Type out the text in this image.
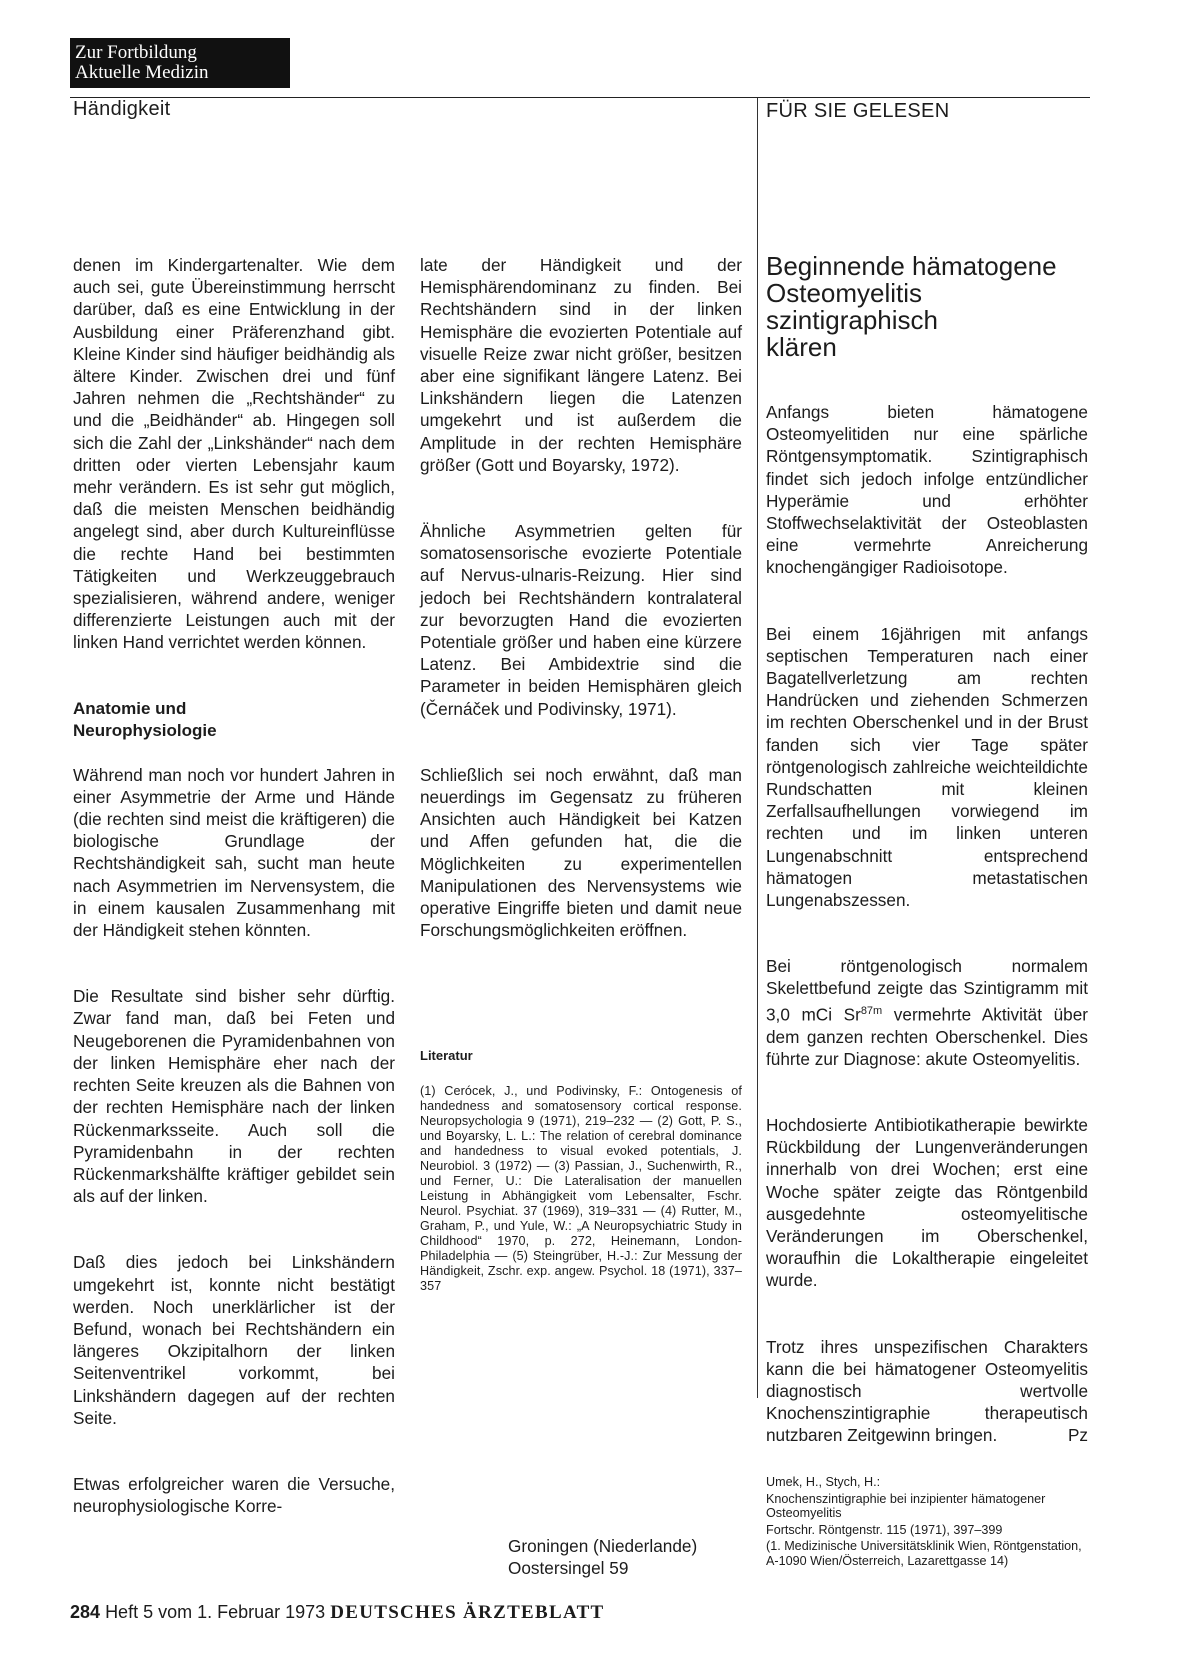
Zur Fortbildung
Aktuelle Medizin
Händigkeit	FÜR SIE GELESEN

denen im Kindergartenalter. Wie dem auch sei, gute Übereinstimmung herrscht darüber, daß es eine Entwicklung in der Ausbildung einer Präferenzhand gibt. Kleine Kinder sind häufiger beidhändig als ältere Kinder. Zwischen drei und fünf Jahren nehmen die „Rechtshänder“ zu und die „Beidhänder“ ab. Hingegen soll sich die Zahl der „Linkshänder“ nach dem dritten oder vierten Lebensjahr kaum mehr verändern. Es ist sehr gut möglich, daß die meisten Menschen beidhändig angelegt sind, aber durch Kultureinflüsse die rechte Hand bei bestimmten Tätigkeiten und Werkzeuggebrauch spezialisieren, während andere, weniger differenzierte Leistungen auch mit der linken Hand verrichtet werden können.

Anatomie und
Neurophysiologie

Während man noch vor hundert Jahren in einer Asymmetrie der Arme und Hände (die rechten sind meist die kräftigeren) die biologische Grundlage der Rechtshändigkeit sah, sucht man heute nach Asymmetrien im Nervensystem, die in einem kausalen Zusammenhang mit der Händigkeit stehen könnten.

Die Resultate sind bisher sehr dürftig. Zwar fand man, daß bei Feten und Neugeborenen die Pyramidenbahnen von der linken Hemisphäre eher nach der rechten Seite kreuzen als die Bahnen von der rechten Hemisphäre nach der linken Rückenmarksseite. Auch soll die Pyramidenbahn in der rechten Rückenmarkshälfte kräftiger gebildet sein als auf der linken.

Daß dies jedoch bei Linkshändern umgekehrt ist, konnte nicht bestätigt werden. Noch unerklärlicher ist der Befund, wonach bei Rechtshändern ein längeres Okzipitalhorn der linken Seitenventrikel vorkommt, bei Linkshändern dagegen auf der rechten Seite.

Etwas erfolgreicher waren die Versuche, neurophysiologische Korre-

late der Händigkeit und der Hemisphärendominanz zu finden. Bei Rechtshändern sind in der linken Hemisphäre die evozierten Potentiale auf visuelle Reize zwar nicht größer, besitzen aber eine signifikant längere Latenz. Bei Linkshändern liegen die Latenzen umgekehrt und ist außerdem die Amplitude in der rechten Hemisphäre größer (Gott und Boyarsky, 1972).

Ähnliche Asymmetrien gelten für somatosensorische evozierte Potentiale auf Nervus-ulnaris-Reizung. Hier sind jedoch bei Rechtshändern kontralateral zur bevorzugten Hand die evozierten Potentiale größer und haben eine kürzere Latenz. Bei Ambidextrie sind die Parameter in beiden Hemisphären gleich (Černáček und Podivinsky, 1971).

Schließlich sei noch erwähnt, daß man neuerdings im Gegensatz zu früheren Ansichten auch Händigkeit bei Katzen und Affen gefunden hat, die die Möglichkeiten zu experimentellen Manipulationen des Nervensystems wie operative Eingriffe bieten und damit neue Forschungsmöglichkeiten eröffnen.

Literatur

(1) Cerócek, J., und Podivinsky, F.: Ontogenesis of handedness and somatosensory cortical response. Neuropsychologia 9 (1971), 219–232 — (2) Gott, P. S., und Boyarsky, L. L.: The relation of cerebral dominance and handedness to visual evoked potentials, J. Neurobiol. 3 (1972) — (3) Passian, J., Suchenwirth, R., und Ferner, U.: Die Lateralisation der manuellen Leistung in Abhängigkeit vom Lebensalter, Fschr. Neurol. Psychiat. 37 (1969), 319–331 — (4) Rutter, M., Graham, P., und Yule, W.: „A Neuropsychiatric Study in Childhood“ 1970, p. 272, Heinemann, London-Philadelphia — (5) Steingrüber, H.-J.: Zur Messung der Händigkeit, Zschr. exp. angew. Psychol. 18 (1971), 337–357

Groningen (Niederlande)
Oostersingel 59

Beginnende hämatogene
Osteomyelitis
szintigraphisch
klären

Anfangs bieten hämatogene Osteomyelitiden nur eine spärliche Röntgensymptomatik. Szintigraphisch findet sich jedoch infolge entzündlicher Hyperämie und erhöhter Stoffwechselaktivität der Osteoblasten eine vermehrte Anreicherung knochengängiger Radioisotope.

Bei einem 16jährigen mit anfangs septischen Temperaturen nach einer Bagatellverletzung am rechten Handrücken und ziehenden Schmerzen im rechten Oberschenkel und in der Brust fanden sich vier Tage später röntgenologisch zahlreiche weichteildichte Rundschatten mit kleinen Zerfallsaufhellungen vorwiegend im rechten und im linken unteren Lungenabschnitt entsprechend hämatogen metastatischen Lungenabszessen.

Bei röntgenologisch normalem Skelettbefund zeigte das Szintigramm mit 3,0 mCi $Sr^{87m}$ vermehrte Aktivität über dem ganzen rechten Oberschenkel. Dies führte zur Diagnose: akute Osteomyelitis.

Hochdosierte Antibiotikatherapie bewirkte Rückbildung der Lungenveränderungen innerhalb von drei Wochen; erst eine Woche später zeigte das Röntgenbild ausgedehnte osteomyelitische Veränderungen im Oberschenkel, woraufhin die Lokaltherapie eingeleitet wurde.

Trotz ihres unspezifischen Charakters kann die bei hämatogener Osteomyelitis diagnostisch wertvolle Knochenszintigraphie therapeutisch nutzbaren Zeitgewinn bringen.	Pz

Umek, H., Stych, H.:

Knochenszintigraphie bei inzipienter hämatogener Osteomyelitis

Fortschr. Röntgenstr. 115 (1971), 397–399

(1. Medizinische Universitätsklinik Wien, Röntgenstation, A-1090 Wien/Österreich, Lazarettgasse 14)

284 Heft 5 vom 1. Februar 1973 DEUTSCHES ÄRZTEBLATT
